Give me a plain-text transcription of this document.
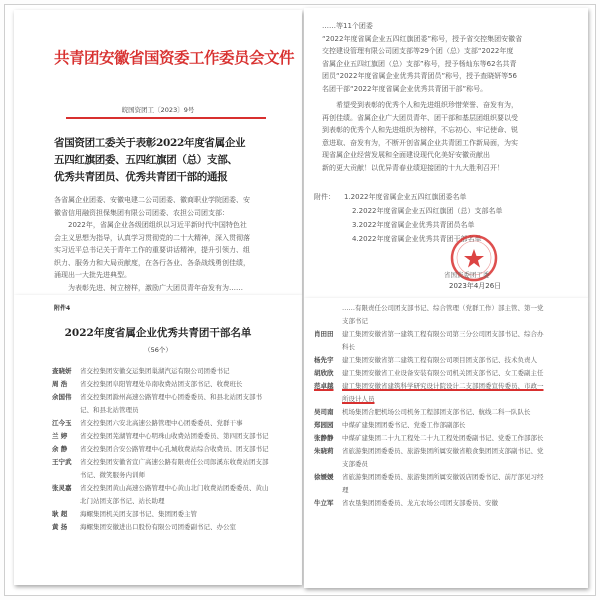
共青团安徽省国资委工作委员会文件
皖国资团工〔2023〕9号
省国资团工委关于表彰2022年度省属企业
五四红旗团委、五四红旗团（总）支部、
优秀共青团员、优秀共青团干部的通报

各省属企业团委、安徽电建二公司团委、徽商职业学院团委、安

徽省信用融资担保集团有限公司团委、农担公司团支部：

2022年，省属企业各级团组织以习近平新时代中国特色社

会主义思想为指导，认真学习贯彻党的二十大精神，深入贯彻落

实习近平总书记关于青年工作的重要讲话精神，提升引领力、组

织力、服务力和大局贡献度，在各行各业、各条战线勇创佳绩，

涌现出一大批先进典型。

为表彰先进、树立榜样，激励广大团员青年奋发有为……

附件4
2022年度省属企业优秀共青团干部名单
（56个）
查晓妍	省交控集团安徽交运集团巢湖汽运有限公司团委书记
周 浩	省交控集团阜阳管理处阜南收费站团支部书记、收费班长
余国伟	省交控集团滁州高速公路管理中心团委委员、和县北站团支部书记、和县北站管理员
江今玉	省交控集团六安北高速公路管理中心团委委员、党群干事
兰 婷	省交控集团芜湖管理中心明珠山收费站团委委员、第四团支部书记
余 静	省交控集团合安公路管理中心孔城收费站综合收费员、团支部书记
王宁武	省交控集团安徽省宣广高速公路有限责任公司郎溪东收费站团支部书记、微笑服务内训师
张灵嘉	省交控集团黄山高速公路管理中心黄山北门收费站团委委员、黄山北门站团支部书记、站长助理
耿 超	海螺集团机关团支部书记、集团团委主管
黄 扬	海螺集团安徽进出口股份有限公司团委副书记、办公室

……等11个团委

“2022年度省属企业五四红旗团委”称号，授予省交控集团安徽省

交控建设管理有限公司团支部等29个团（总）支部“2022年度

省属企业五四红旗团（总）支部”称号，授予杨灿东等62名共青

团员“2022年度省属企业优秀共青团员”称号，授予查晓妍等56

名团干部“2022年度省属企业优秀共青团干部”称号。

希望受到表彰的优秀个人和先进组织珍惜荣誉、奋发有为，

再创佳绩。省属企业广大团员青年、团干部和基层团组织要以受

到表彰的优秀个人和先进组织为榜样，不忘初心、牢记使命、锐

意进取、奋发有为，不断开创省属企业共青团工作新局面，为实

现省属企业经营发展和全面建设现代化美好安徽贡献出

新的更大贡献！以优异青春业绩迎接团的十九大胜利召开！

附件： 1.2022年度省属企业五四红旗团委名单
2.2022年度省属企业五四红旗团（总）支部名单
3.2022年度省属企业优秀共青团员名单
4.2022年度省属企业优秀共青团干部名单
省国资委团工委
2023年4月26日
……有限责任公司团支部书记、综合管理（党群工作）部主管、第一党支部书记
肖田田	建工集团安徽省第一建筑工程有限公司第三分公司团支部书记、综合办科长
杨先宇	建工集团安徽省第二建筑工程有限公司项目团支部书记、技术负责人
胡欣欣	建工集团安徽省工业设备安装有限公司机关团支部书记、女工委副主任
范卓越	建工集团安徽省建筑科学研究设计院设计二支部团委宣传委员、市政一所设计人员
吴司南	机场集团合肥机场公司机务工程部团支部书记、航线二科一队队长
郑园园	中煤矿建集团团委书记、党委工作部副部长
张静静	中煤矿建集团二十九工程处二十九工程处团委副书记、党委工作部部长
朱晓莉	省旅游集团团委委员、旅游集团所属安徽省粮食集团团支部副书记、党支部委员
徐媛媛	省旅游集团团委委员、旅游集团所属安徽饭店团委书记、前厅部见习经理
牛立军	省农垦集团团委委员、龙亢农场公司团支部委员、安徽
